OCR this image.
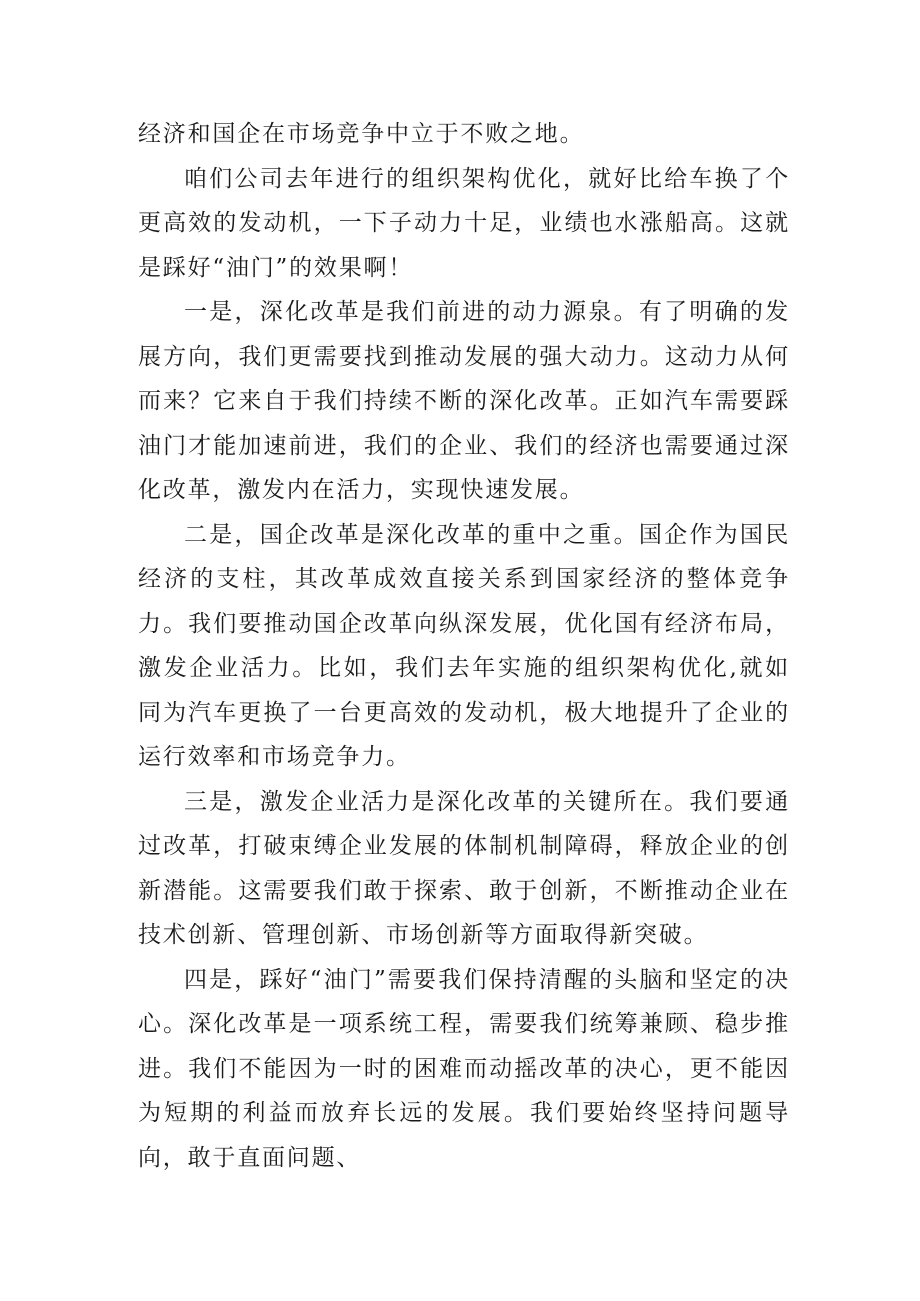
经济和国企在市场竞争中立于不败之地。

咱们公司去年进行的组织架构优化，就好比给车换了个更高效的发动机，一下子动力十足，业绩也水涨船高。这就是踩好“油门”的效果啊！

一是，深化改革是我们前进的动力源泉。有了明确的发展方向，我们更需要找到推动发展的强大动力。这动力从何而来？它来自于我们持续不断的深化改革。正如汽车需要踩油门才能加速前进，我们的企业、我们的经济也需要通过深化改革，激发内在活力，实现快速发展。

二是，国企改革是深化改革的重中之重。国企作为国民经济的支柱，其改革成效直接关系到国家经济的整体竞争力。我们要推动国企改革向纵深发展，优化国有经济布局，激发企业活力。比如，我们去年实施的组织架构优化,就如同为汽车更换了一台更高效的发动机，极大地提升了企业的运行效率和市场竞争力。

三是，激发企业活力是深化改革的关键所在。我们要通过改革，打破束缚企业发展的体制机制障碍，释放企业的创新潜能。这需要我们敢于探索、敢于创新，不断推动企业在技术创新、管理创新、市场创新等方面取得新突破。

四是，踩好“油门”需要我们保持清醒的头脑和坚定的决心。深化改革是一项系统工程，需要我们统筹兼顾、稳步推进。我们不能因为一时的困难而动摇改革的决心，更不能因为短期的利益而放弃长远的发展。我们要始终坚持问题导向，敢于直面问题、
